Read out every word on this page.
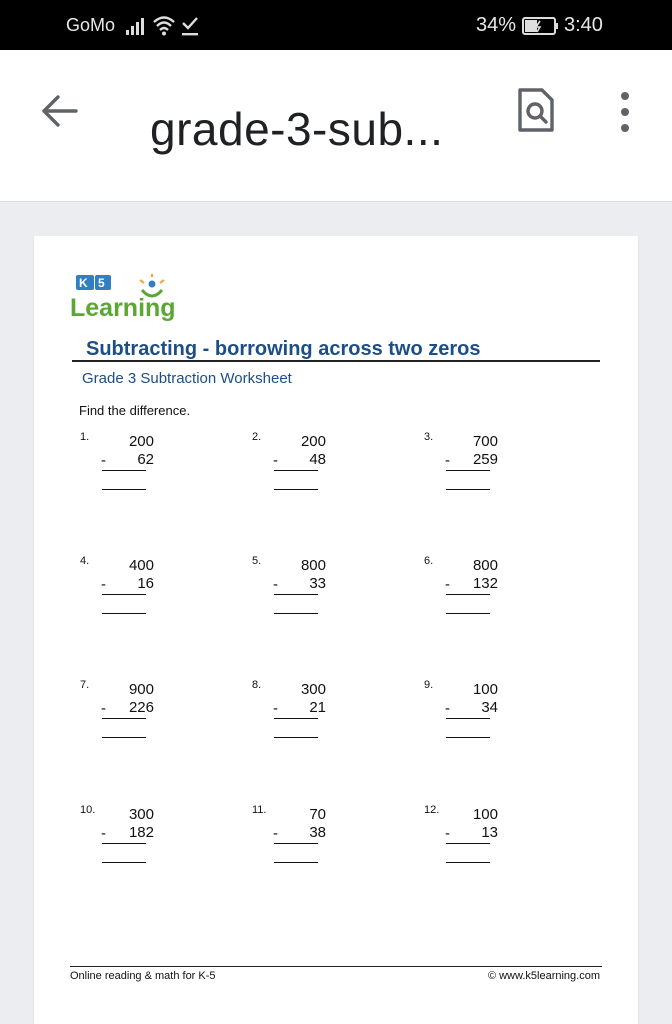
GoMo	34% 3:40
grade-3-sub...
K 5
Learning
Subtracting - borrowing across two zeros
Grade 3 Subtraction Worksheet
Find the difference.
1.	200
- 62
2.	200
- 48
3.	700
- 259
4.	400
- 16
5.	800
- 33
6.	800
- 132
7.	900
- 226
8.	300
- 21
9.	100
- 34
10. 300
- 182
11.	70
- 38
12. 100
- 13
Online reading & math for K-5	© www.k5learning.com
